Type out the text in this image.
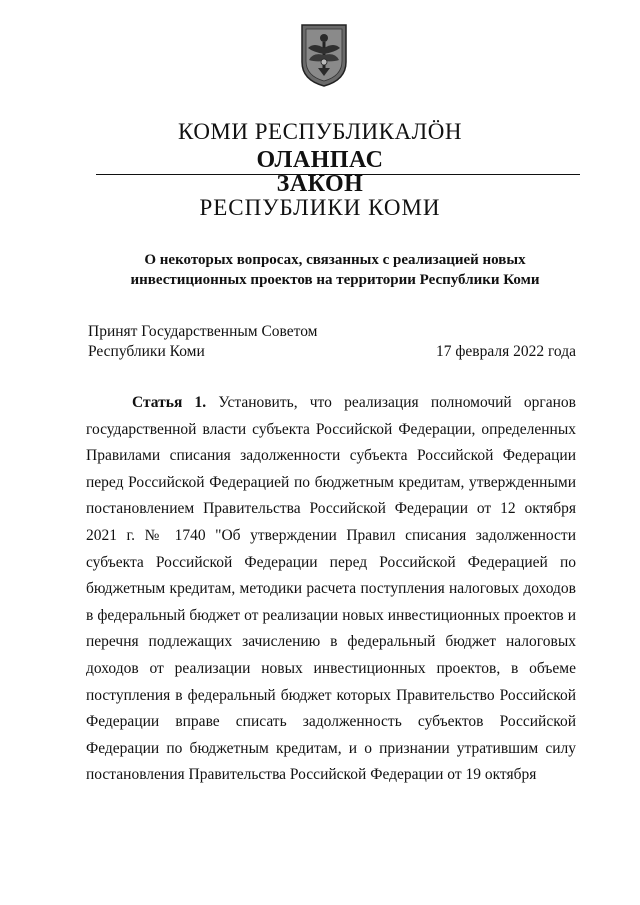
КОМИ РЕСПУБЛИКАЛӦН
ОЛАНПАС
ЗАКОН
РЕСПУБЛИКИ КОМИ
О некоторых вопросах, связанных с реализацией новых
инвестиционных проектов на территории Республики Коми
Принят Государственным Советом
Республики Коми	17 февраля 2022 года

Статья 1. Установить, что реализация полномочий органов государственной власти субъекта Российской Федерации, определенных Правилами списания задолженности субъекта Российской Федерации перед Российской Федерацией по бюджетным кредитам, утвержденными постановлением Правительства Российской Федерации от 12 октября 2021 г. № 1740 "Об утверждении Правил списания задолженности субъекта Российской Федерации перед Российской Федерацией по бюджетным кредитам, методики расчета поступления налоговых доходов в федеральный бюджет от реализации новых инвестиционных проектов и перечня подлежащих зачислению в федеральный бюджет налоговых доходов от реализации новых инвестиционных проектов, в объеме поступления в федеральный бюджет которых Правительство Российской Федерации вправе списать задолженность субъектов Российской Федерации по бюджетным кредитам, и о признании утратившим силу постановления Правительства Российской Федерации от 19 октября
